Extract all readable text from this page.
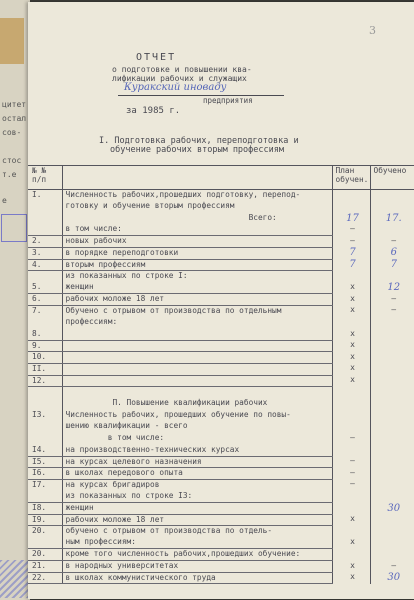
цитет
остал
сов-
стос
т.е
е
3
ОТЧЕТ
о подготовке и повышении ква-
лификации рабочих и служащих
Куракский иноваду
предприятия
за 1985 г.
I. Подготовка рабочих, переподготовка и
обучение рабочих вторым профессиям
№ №
п/п		План
обучен.	Обучено
I.	Численность рабочих,прошедших подготовку, перепод-		
	готовку и обучение вторым профессиям		
	Всего:	17	17.
	в том числе:	—	
2.	новых рабочих	—	—
3.	в порядке переподготовки	7	6
4.	вторым профессиям	7	7
	из показанных по строке I:		
5.	женщин	x	12
6.	рабочих моложе 18 лет	x	—
7.	Обучено с отрывом от производства по отдельным	x	—
	профессиям:		
8.		x	
9.		x	
10.		x	
II.		x	
12.		x	

	П. Повышение квалификации рабочих		
I3.	Численность рабочих, прошедших обучение по повы-		
	шению квалификации - всего		
	в том числе:	—	
I4.	на производственно-технических курсах		
I5.	на курсах целевого назначения	—	
I6.	в школах передового опыта	—	
I7.	на курсах бригадиров	—	
	из показанных по строке I3:		
I8.	женщин		30
I9.	рабочих моложе 18 лет	x	
20.	обучено с отрывом от производства по отдель-		
	ным профессиям:	x	
20.	кроме того численность рабочих,прошедших обучение:		
21.	в народных университетах	x	—
22.	в школах коммунистического труда	x	30
